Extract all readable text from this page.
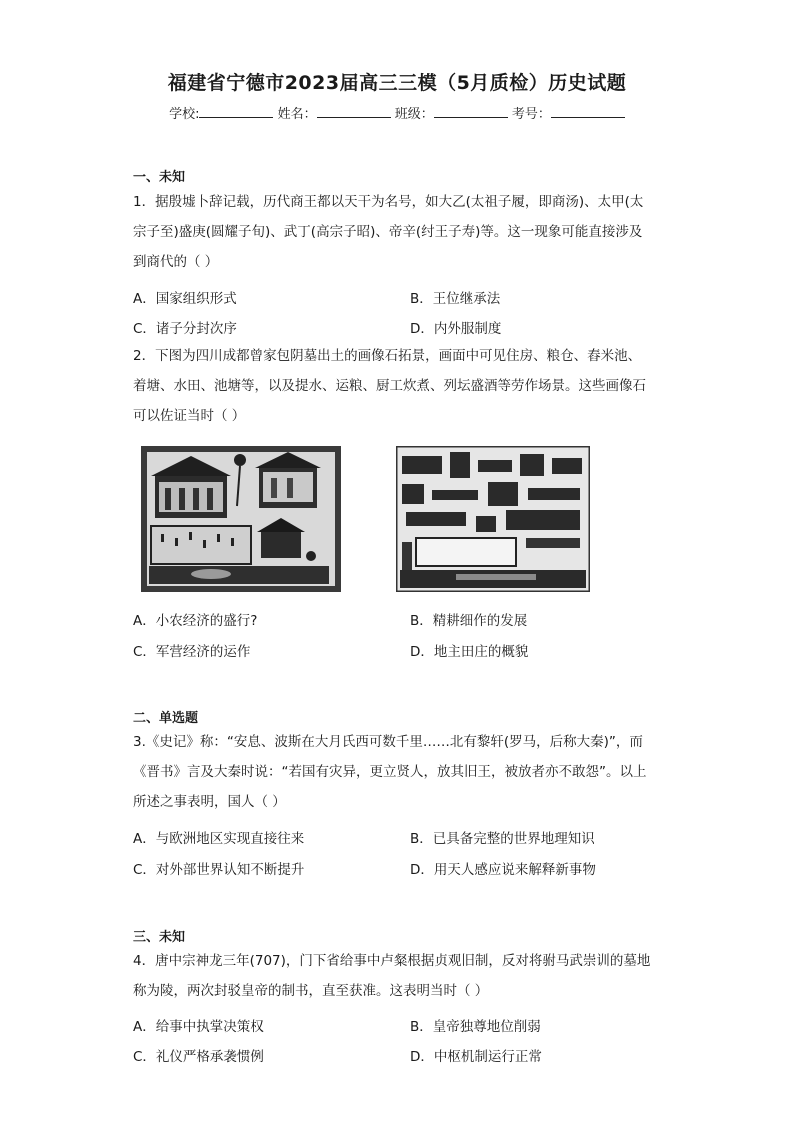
福建省宁德市2023届高三三模（5月质检）历史试题
学校:	姓名：	班级：	考号：
一、未知
1．据殷墟卜辞记载，历代商王都以天干为名号，如大乙(太祖子履，即商汤)、太甲(太
宗子至)盛庚(圆耀子旬)、武丁(高宗子昭)、帝辛(纣王子寿)等。这一现象可能直接涉及
到商代的（ ）
A．国家组织形式	B．王位继承法
C．诸子分封次序	D．内外服制度
2．下图为四川成都曾家包阴墓出土的画像石拓景，画面中可见住房、粮仓、舂米池、
着塘、水田、池塘等，以及提水、运粮、厨工炊煮、列坛盛酒等劳作场景。这些画像石
可以佐证当时（ ）
A．小农经济的盛行?	B．精耕细作的发展
C．军营经济的运作	D．地主田庄的概貌
二、单选题
3.《史记》称：“安息、波斯在大月氏西可数千里……北有黎轩(罗马，后称大秦)”，而
《晋书》言及大秦时说：“若国有灾异，更立贤人，放其旧王，被放者亦不敢怨”。以上
所述之事表明，国人（ ）
A．与欧洲地区实现直接往来	B．已具备完整的世界地理知识
C．对外部世界认知不断提升	D．用天人感应说来解释新事物
三、未知
4．唐中宗神龙三年(707)，门下省给事中卢粲根据贞观旧制，反对将驸马武崇训的墓地
称为陵，两次封驳皇帝的制书，直至获准。这表明当时（ ）
A．给事中执掌决策权	B．皇帝独尊地位削弱
C．礼仪严格承袭惯例	D．中枢机制运行正常
